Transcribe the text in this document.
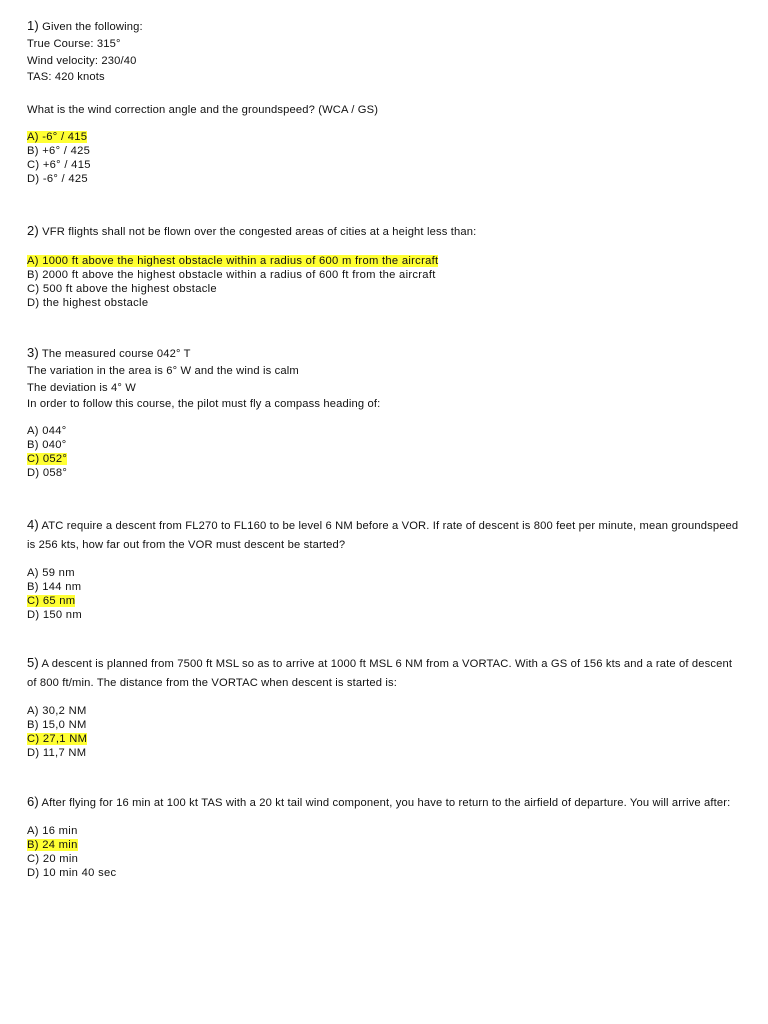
1) Given the following:
True Course: 315°
Wind velocity: 230/40
TAS: 420 knots
What is the wind correction angle and the groundspeed? (WCA / GS)
A) -6° / 415
B) +6° / 425
C) +6° / 415
D) -6° / 425
2) VFR flights shall not be flown over the congested areas of cities at a height less than:
A) 1000 ft above the highest obstacle within a radius of 600 m from the aircraft
B) 2000 ft above the highest obstacle within a radius of 600 ft from the aircraft
C) 500 ft above the highest obstacle
D) the highest obstacle
3) The measured course 042° T
The variation in the area is 6° W and the wind is calm
The deviation is 4° W
In order to follow this course, the pilot must fly a compass heading of:
A) 044°
B) 040°
C) 052°
D) 058°
4) ATC require a descent from FL270 to FL160 to be level 6 NM before a VOR. If rate of descent is 800 feet per minute, mean groundspeed is 256 kts, how far out from the VOR must descent be started?
A) 59 nm
B) 144 nm
C) 65 nm
D) 150 nm
5) A descent is planned from 7500 ft MSL so as to arrive at 1000 ft MSL 6 NM from a VORTAC. With a GS of 156 kts and a rate of descent of 800 ft/min. The distance from the VORTAC when descent is started is:
A) 30,2 NM
B) 15,0 NM
C) 27,1 NM
D) 11,7 NM
6) After flying for 16 min at 100 kt TAS with a 20 kt tail wind component, you have to return to the airfield of departure. You will arrive after:
A) 16 min
B) 24 min
C) 20 min
D) 10 min 40 sec
